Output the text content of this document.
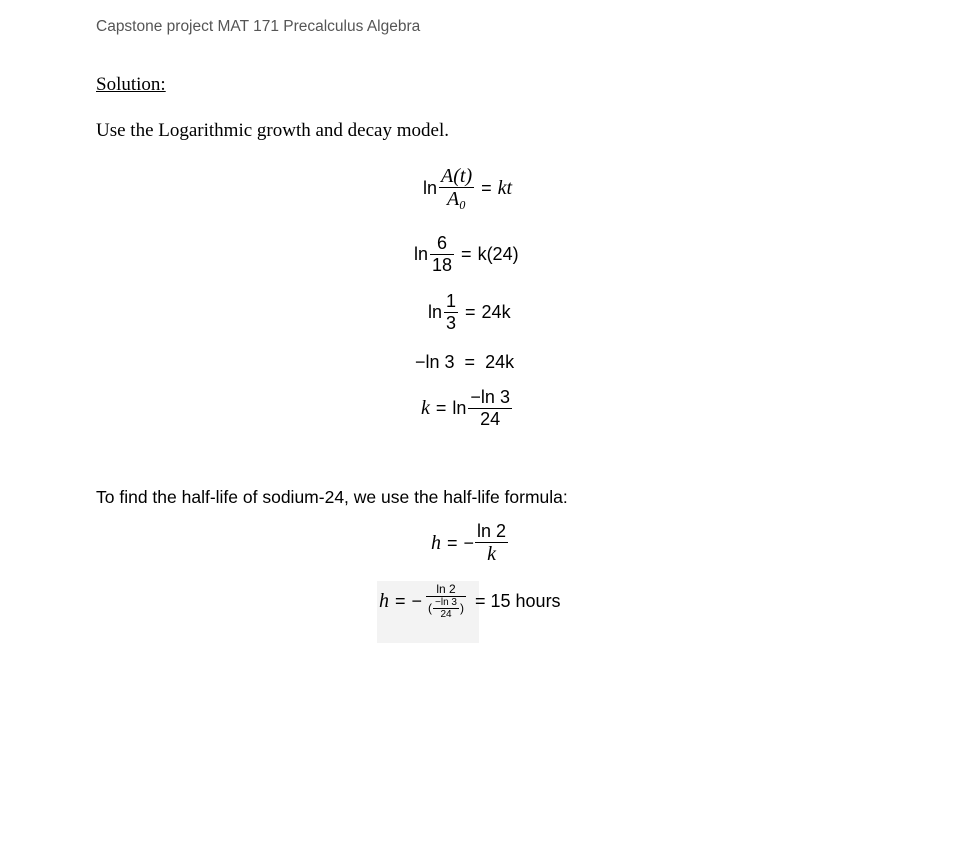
Capstone project MAT 171 Precalculus Algebra
Solution:
Use the Logarithmic growth and decay model.
$\ln \frac{A(t)}{\text{A₀}}$ = kt
$\ln \frac{6}{18} = k(24)$
$\ln \frac{1}{3} = 24k$
−ln 3 = 24k
$k = \ln \frac{-\ln 3}{24}$
To find the half-life of sodium-24, we use the half-life formula:
h = − $\frac{\ln 2}{k}$
h = − $\frac{\ln 2}{( \frac{-\ln 3}{24} )} = 15$ hours
